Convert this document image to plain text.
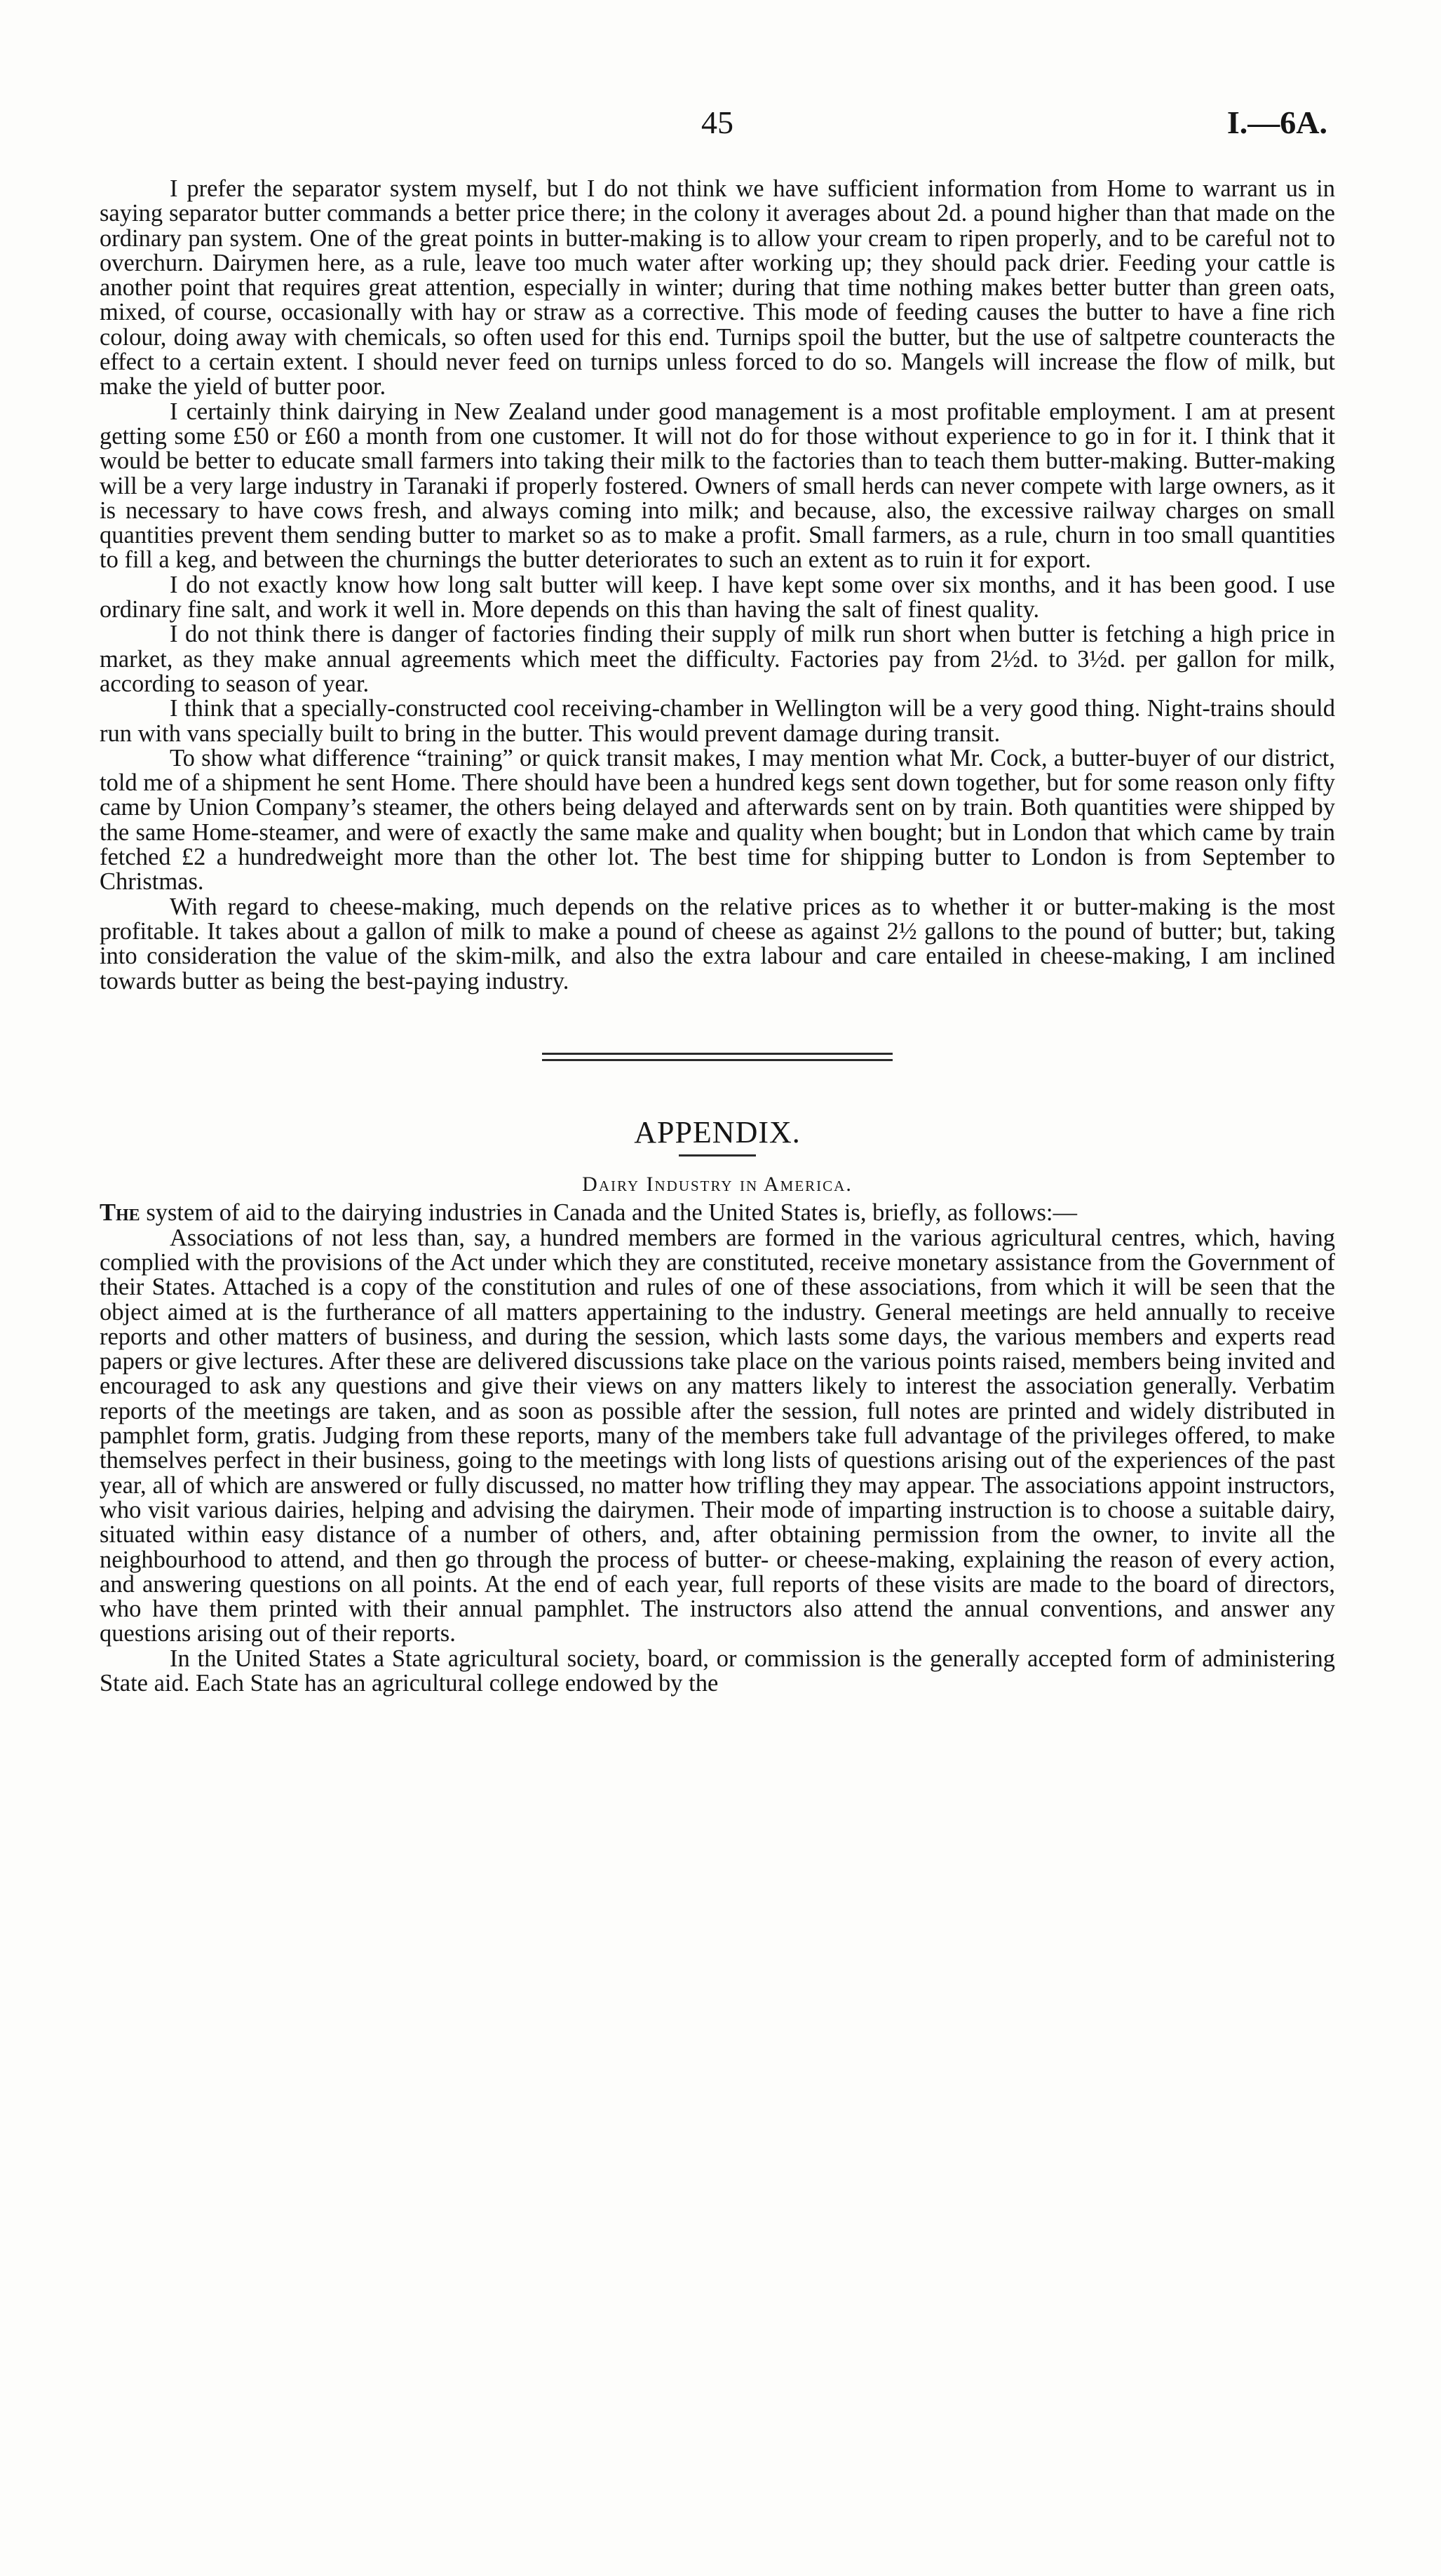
45	I.—6A.

I prefer the separator system myself, but I do not think we have sufficient information from Home to warrant us in saying separator butter commands a better price there; in the colony it averages about 2d. a pound higher than that made on the ordinary pan system. One of the great points in butter-making is to allow your cream to ripen properly, and to be careful not to overchurn. Dairymen here, as a rule, leave too much water after working up; they should pack drier. Feeding your cattle is another point that requires great attention, especially in winter; during that time nothing makes better butter than green oats, mixed, of course, occasionally with hay or straw as a corrective. This mode of feeding causes the butter to have a fine rich colour, doing away with chemicals, so often used for this end. Turnips spoil the butter, but the use of saltpetre counteracts the effect to a certain extent. I should never feed on turnips unless forced to do so. Mangels will increase the flow of milk, but make the yield of butter poor.

I certainly think dairying in New Zealand under good management is a most profitable employment. I am at present getting some £50 or £60 a month from one customer. It will not do for those without experience to go in for it. I think that it would be better to educate small farmers into taking their milk to the factories than to teach them butter-making. Butter-making will be a very large industry in Taranaki if properly fostered. Owners of small herds can never compete with large owners, as it is necessary to have cows fresh, and always coming into milk; and because, also, the excessive railway charges on small quantities prevent them sending butter to market so as to make a profit. Small farmers, as a rule, churn in too small quantities to fill a keg, and between the churnings the butter deteriorates to such an extent as to ruin it for export.

I do not exactly know how long salt butter will keep. I have kept some over six months, and it has been good. I use ordinary fine salt, and work it well in. More depends on this than having the salt of finest quality.

I do not think there is danger of factories finding their supply of milk run short when butter is fetching a high price in market, as they make annual agreements which meet the difficulty. Factories pay from 2½d. to 3½d. per gallon for milk, according to season of year.

I think that a specially-constructed cool receiving-chamber in Wellington will be a very good thing. Night-trains should run with vans specially built to bring in the butter. This would prevent damage during transit.

To show what difference “training” or quick transit makes, I may mention what Mr. Cock, a butter-buyer of our district, told me of a shipment he sent Home. There should have been a hundred kegs sent down together, but for some reason only fifty came by Union Company’s steamer, the others being delayed and afterwards sent on by train. Both quantities were shipped by the same Home-steamer, and were of exactly the same make and quality when bought; but in London that which came by train fetched £2 a hundredweight more than the other lot. The best time for shipping butter to London is from September to Christmas.

With regard to cheese-making, much depends on the relative prices as to whether it or butter-making is the most profitable. It takes about a gallon of milk to make a pound of cheese as against 2½ gallons to the pound of butter; but, taking into consideration the value of the skim-milk, and also the extra labour and care entailed in cheese-making, I am inclined towards butter as being the best-paying industry.

APPENDIX.
Dairy Industry in America.

The system of aid to the dairying industries in Canada and the United States is, briefly, as follows:—

Associations of not less than, say, a hundred members are formed in the various agricultural centres, which, having complied with the provisions of the Act under which they are constituted, receive monetary assistance from the Government of their States. Attached is a copy of the constitution and rules of one of these associations, from which it will be seen that the object aimed at is the furtherance of all matters appertaining to the industry. General meetings are held annually to receive reports and other matters of business, and during the session, which lasts some days, the various members and experts read papers or give lectures. After these are delivered discussions take place on the various points raised, members being invited and encouraged to ask any questions and give their views on any matters likely to interest the association generally. Verbatim reports of the meetings are taken, and as soon as possible after the session, full notes are printed and widely distributed in pamphlet form, gratis. Judging from these reports, many of the members take full advantage of the privileges offered, to make themselves perfect in their business, going to the meetings with long lists of questions arising out of the experiences of the past year, all of which are answered or fully discussed, no matter how trifling they may appear. The associations appoint instructors, who visit various dairies, helping and advising the dairymen. Their mode of imparting instruction is to choose a suitable dairy, situated within easy distance of a number of others, and, after obtaining permission from the owner, to invite all the neighbourhood to attend, and then go through the process of butter- or cheese-making, explaining the reason of every action, and answering questions on all points. At the end of each year, full reports of these visits are made to the board of directors, who have them printed with their annual pamphlet. The instructors also attend the annual conventions, and answer any questions arising out of their reports.

In the United States a State agricultural society, board, or commission is the generally accepted form of administering State aid. Each State has an agricultural college endowed by the
